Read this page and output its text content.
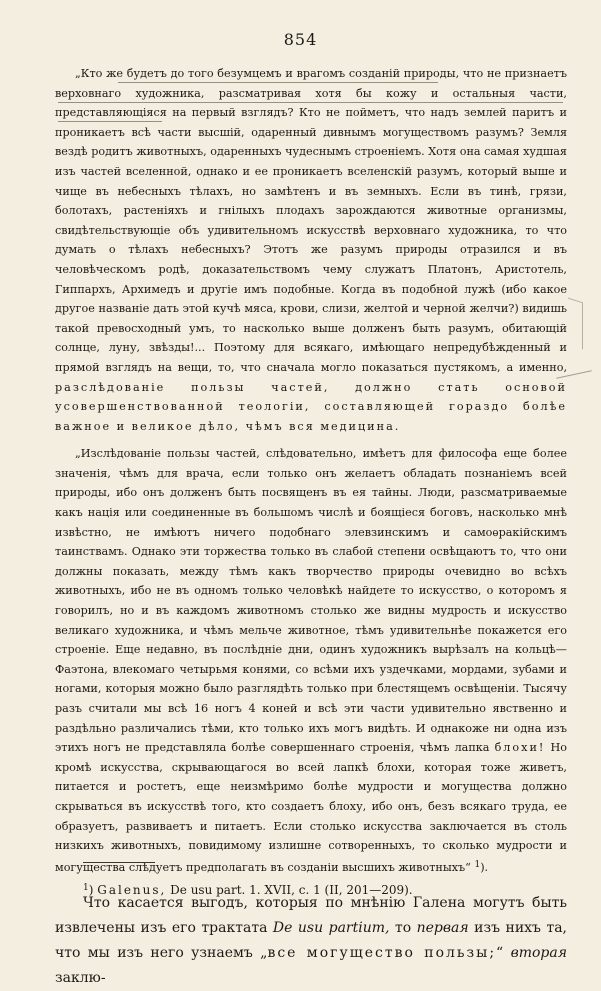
854

„Кто же будетъ до того безумцемъ и врагомъ созданій природы, что не признаетъ верховнаго художника, разсматривая хотя бы кожу и остальныя части, представляющiяся на первый взглядъ? Кто не пойметъ, что надъ землей паритъ и проникаетъ всѣ части высшiй, одаренный дивнымъ могуществомъ разумъ? Земля вездѣ родитъ животныхъ, одаренныхъ чудеснымъ строенiемъ. Хотя она самая худшая изъ частей вселенной, однако и ее проникаетъ вселенскiй разумъ, который выше и чище въ небесныхъ тѣлахъ, но замѣтенъ и въ земныхъ. Если въ тинѣ, грязи, болотахъ, растенiяхъ и гнiлыхъ плодахъ зарождаются животные организмы, свидѣтельствующiе объ удивительномъ искусствѣ верховнаго художника, то что думать о тѣлахъ небесныхъ? Этотъ же разумъ природы отразился и въ человѣческомъ родѣ, доказательствомъ чему служатъ Платонъ, Аристотель, Гиппархъ, Архимедъ и другiе имъ подобные. Когда въ подобной лужѣ (ибо какое другое названiе дать этой кучѣ мяса, крови, слизи, желтой и черной желчи?) видишь такой превосходный умъ, то насколько выше долженъ быть разумъ, обитающiй солнце, луну, звѣзды!... Поэтому для всякаго, имѣющаго непредубѣжденный и прямой взглядъ на вещи, то, что сначала могло показаться пустякомъ, а именно, разслѣдованiе пользы частей, должно стать основой усовершенствованной теологiи, составляющей гораздо болѣе важное и великое дѣло, чѣмъ вся медицина.

„Изслѣдованiе пользы частей, слѣдовательно, имѣетъ для философа еще более значенiя, чѣмъ для врача, если только онъ желаетъ обладать познанiемъ всей природы, ибо онъ долженъ быть посвященъ въ ея тайны. Люди, разсматриваемые какъ нацiя или соединенные въ большомъ числѣ и боящiеся боговъ, насколько мнѣ извѣстно, не имѣютъ ничего подобнаго элевзинскимъ и самоѳракiйскимъ таинствамъ. Однако эти торжества только въ слабой степени освѣщаютъ то, что они должны показать, между тѣмъ какъ творчество природы очевидно во всѣхъ животныхъ, ибо не въ одномъ только человѣкѣ найдете то искусство, о которомъ я говорилъ, но и въ каждомъ животномъ столько же видны мудрость и искусство великаго художника, и чѣмъ мельче животное, тѣмъ удивительнѣе покажется его строенiе. Еще недавно, въ послѣднiе дни, одинъ художникъ вырѣзалъ на кольцѣ—Фаэтона, влекомаго четырьмя конями, со всѣми ихъ уздечками, мордами, зубами и ногами, которыя можно было разглядѣть только при блестящемъ освѣщенiи. Тысячу разъ считали мы всѣ 16 ногъ 4 коней и всѣ эти части удивительно явственно и раздѣльно различались тѣми, кто только ихъ могъ видѣть. И однакоже ни одна изъ этихъ ногъ не представляла болѣе совершеннаго строенiя, чѣмъ лапка блохи! Но кромѣ искусства, скрывающагося во всей лапкѣ блохи, которая тоже живетъ, питается и ростетъ, еще неизмѣримо болѣе мудрости и могущества должно скрываться въ искусствѣ того, кто создаетъ блоху, ибо онъ, безъ всякаго труда, ее образуетъ, развиваетъ и питаетъ. Если столько искусства заключается въ столь низкихъ животныхъ, повидимому излишне сотворенныхъ, то сколько мудрости и могущества слѣдуетъ предполагать въ созданiи высшихъ животныхъ“ $^1$).

Что касается выгодъ, которыя по мнѣнiю Галена могутъ быть извлечены изъ его трактата De usu partium, то первая изъ нихъ та, что мы изъ него узнаемъ „все могущество пользы;“ вторая заклю-

$^1$) Galenus, De usu part. 1. XVII, c. 1 (II, 201—209).
